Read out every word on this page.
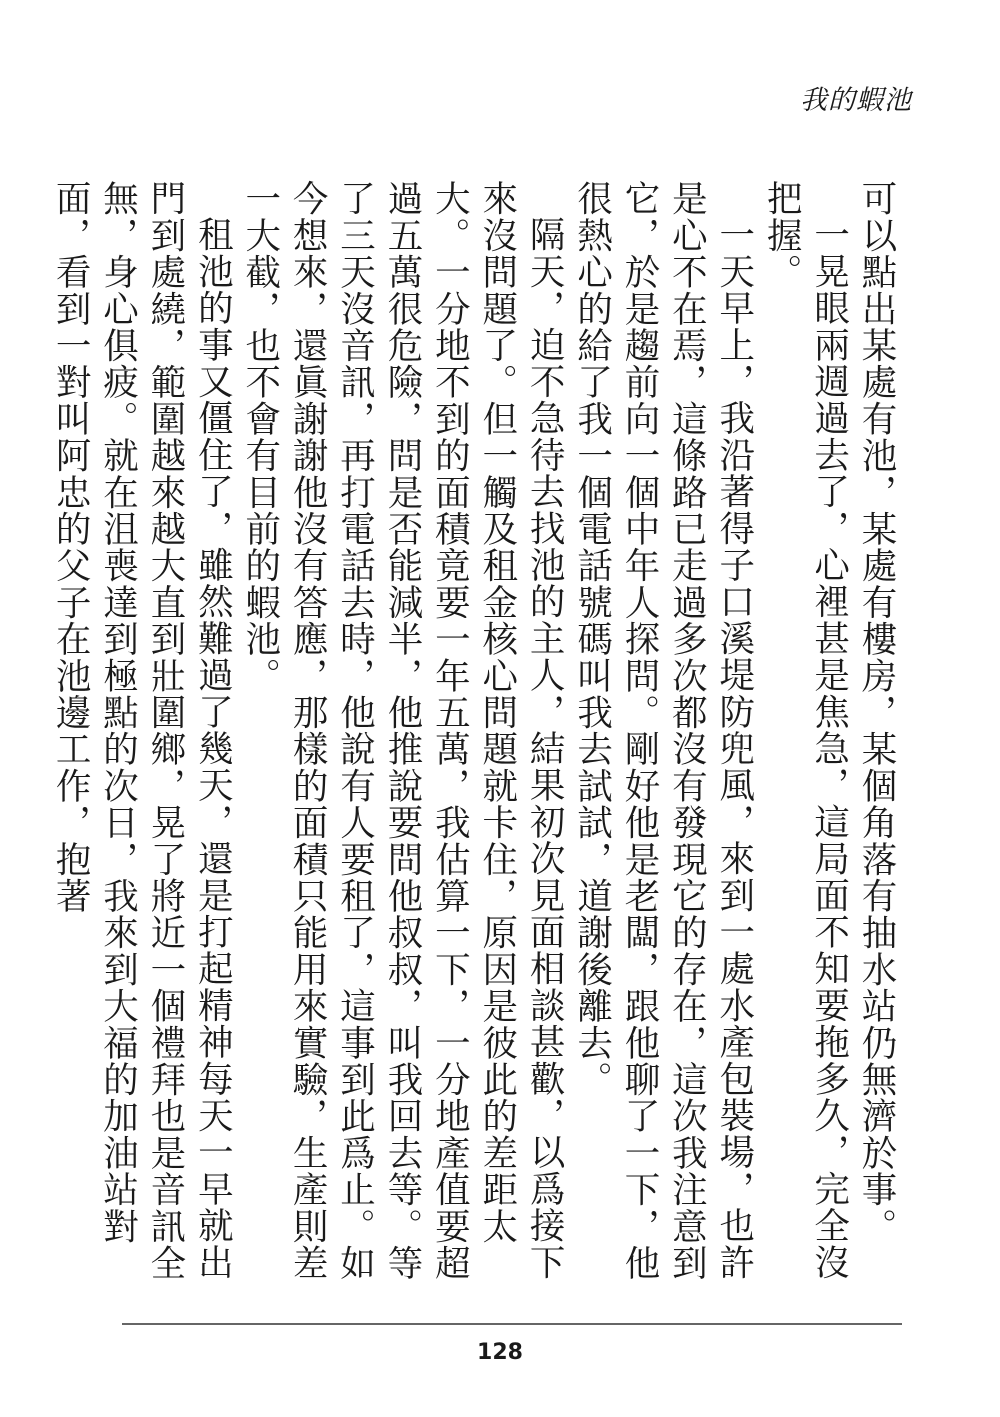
我的蝦池

可以點出某處有池，某處有樓房，某個角落有抽水站仍無濟於事。

一晃眼兩週過去了，心裡甚是焦急，這局面不知要拖多久，完全沒把握。

一天早上，我沿著得子口溪堤防兜風，來到一處水產包裝場，也許是心不在焉，這條路已走過多次都沒有發現它的存在，這次我注意到它，於是趨前向一個中年人探問。剛好他是老闆，跟他聊了一下，他很熱心的給了我一個電話號碼叫我去試試，道謝後離去。

隔天，迫不急待去找池的主人，結果初次見面相談甚歡，以爲接下來沒問題了。但一觸及租金核心問題就卡住，原因是彼此的差距太大。一分地不到的面積竟要一年五萬，我估算一下，一分地產值要超過五萬很危險，問是否能減半，他推說要問他叔叔，叫我回去等。等了三天沒音訊，再打電話去時，他說有人要租了，這事到此爲止。如今想來，還眞謝謝他沒有答應，那樣的面積只能用來實驗，生產則差一大截，也不會有目前的蝦池。

租池的事又僵住了，雖然難過了幾天，還是打起精神每天一早就出門到處繞，範圍越來越大直到壯圍鄉，晃了將近一個禮拜也是音訊全無，身心俱疲。就在沮喪達到極點的次日，我來到大福的加油站對面，看到一對叫阿忠的父子在池邊工作，抱著

128
